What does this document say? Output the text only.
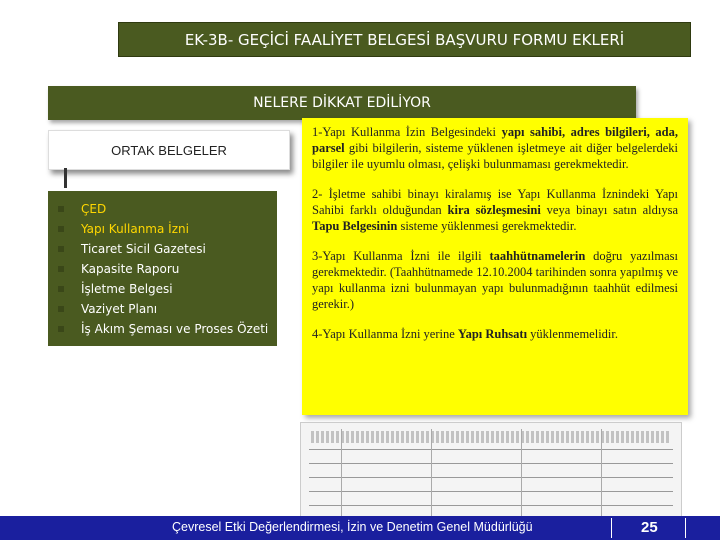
EK-3B- GEÇİCİ FAALİYET BELGESİ BAŞVURU FORMU EKLERİ
NELERE DİKKAT EDİLİYOR
ORTAK BELGELER
ÇED
Yapı Kullanma İzni
Ticaret Sicil Gazetesi
Kapasite Raporu
İşletme Belgesi
Vaziyet Planı
İş Akım Şeması ve Proses Özeti

1-Yapı Kullanma İzin Belgesindeki yapı sahibi, adres bilgileri, ada, parsel gibi bilgilerin, sisteme yüklenen işletmeye ait diğer belgelerdeki bilgiler ile uyumlu olması, çelişki bulunmaması gerekmektedir.

2- İşletme sahibi binayı kiralamış ise Yapı Kullanma İznindeki Yapı Sahibi farklı olduğundan kira sözleşmesini veya binayı satın aldıysa Tapu Belgesinin sisteme yüklenmesi gerekmektedir.

3-Yapı Kullanma İzni ile ilgili taahhütnamelerin doğru yazılması gerekmektedir. (Taahhütnamede 12.10.2004 tarihinden sonra yapılmış ve yapı kullanma izni bulunmayan yapı bulunmadığının taahhüt edilmesi gerekir.)

4-Yapı Kullanma İzni yerine Yapı Ruhsatı yüklenmemelidir.

Çevresel Etki Değerlendirmesi, İzin ve Denetim Genel Müdürlüğü	25
